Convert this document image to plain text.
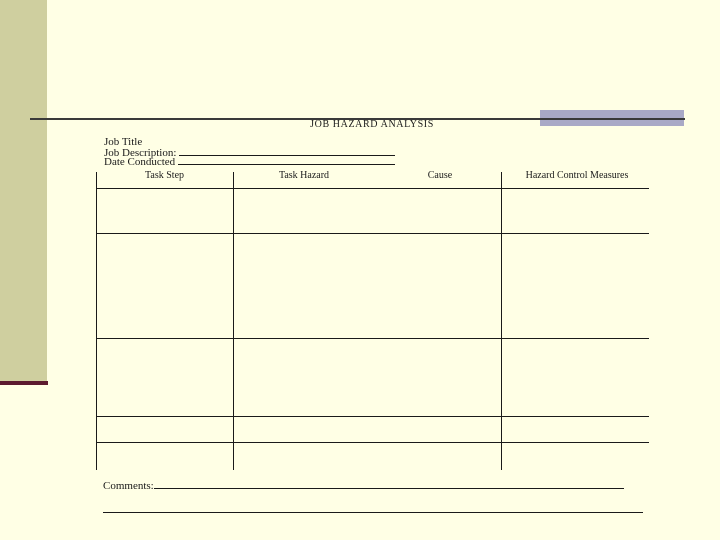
JOB HAZARD ANALYSIS
Job Title
Job Description:
Date Conducted
Task Step	Task Hazard	Cause	Hazard Control Measures
Comments:
